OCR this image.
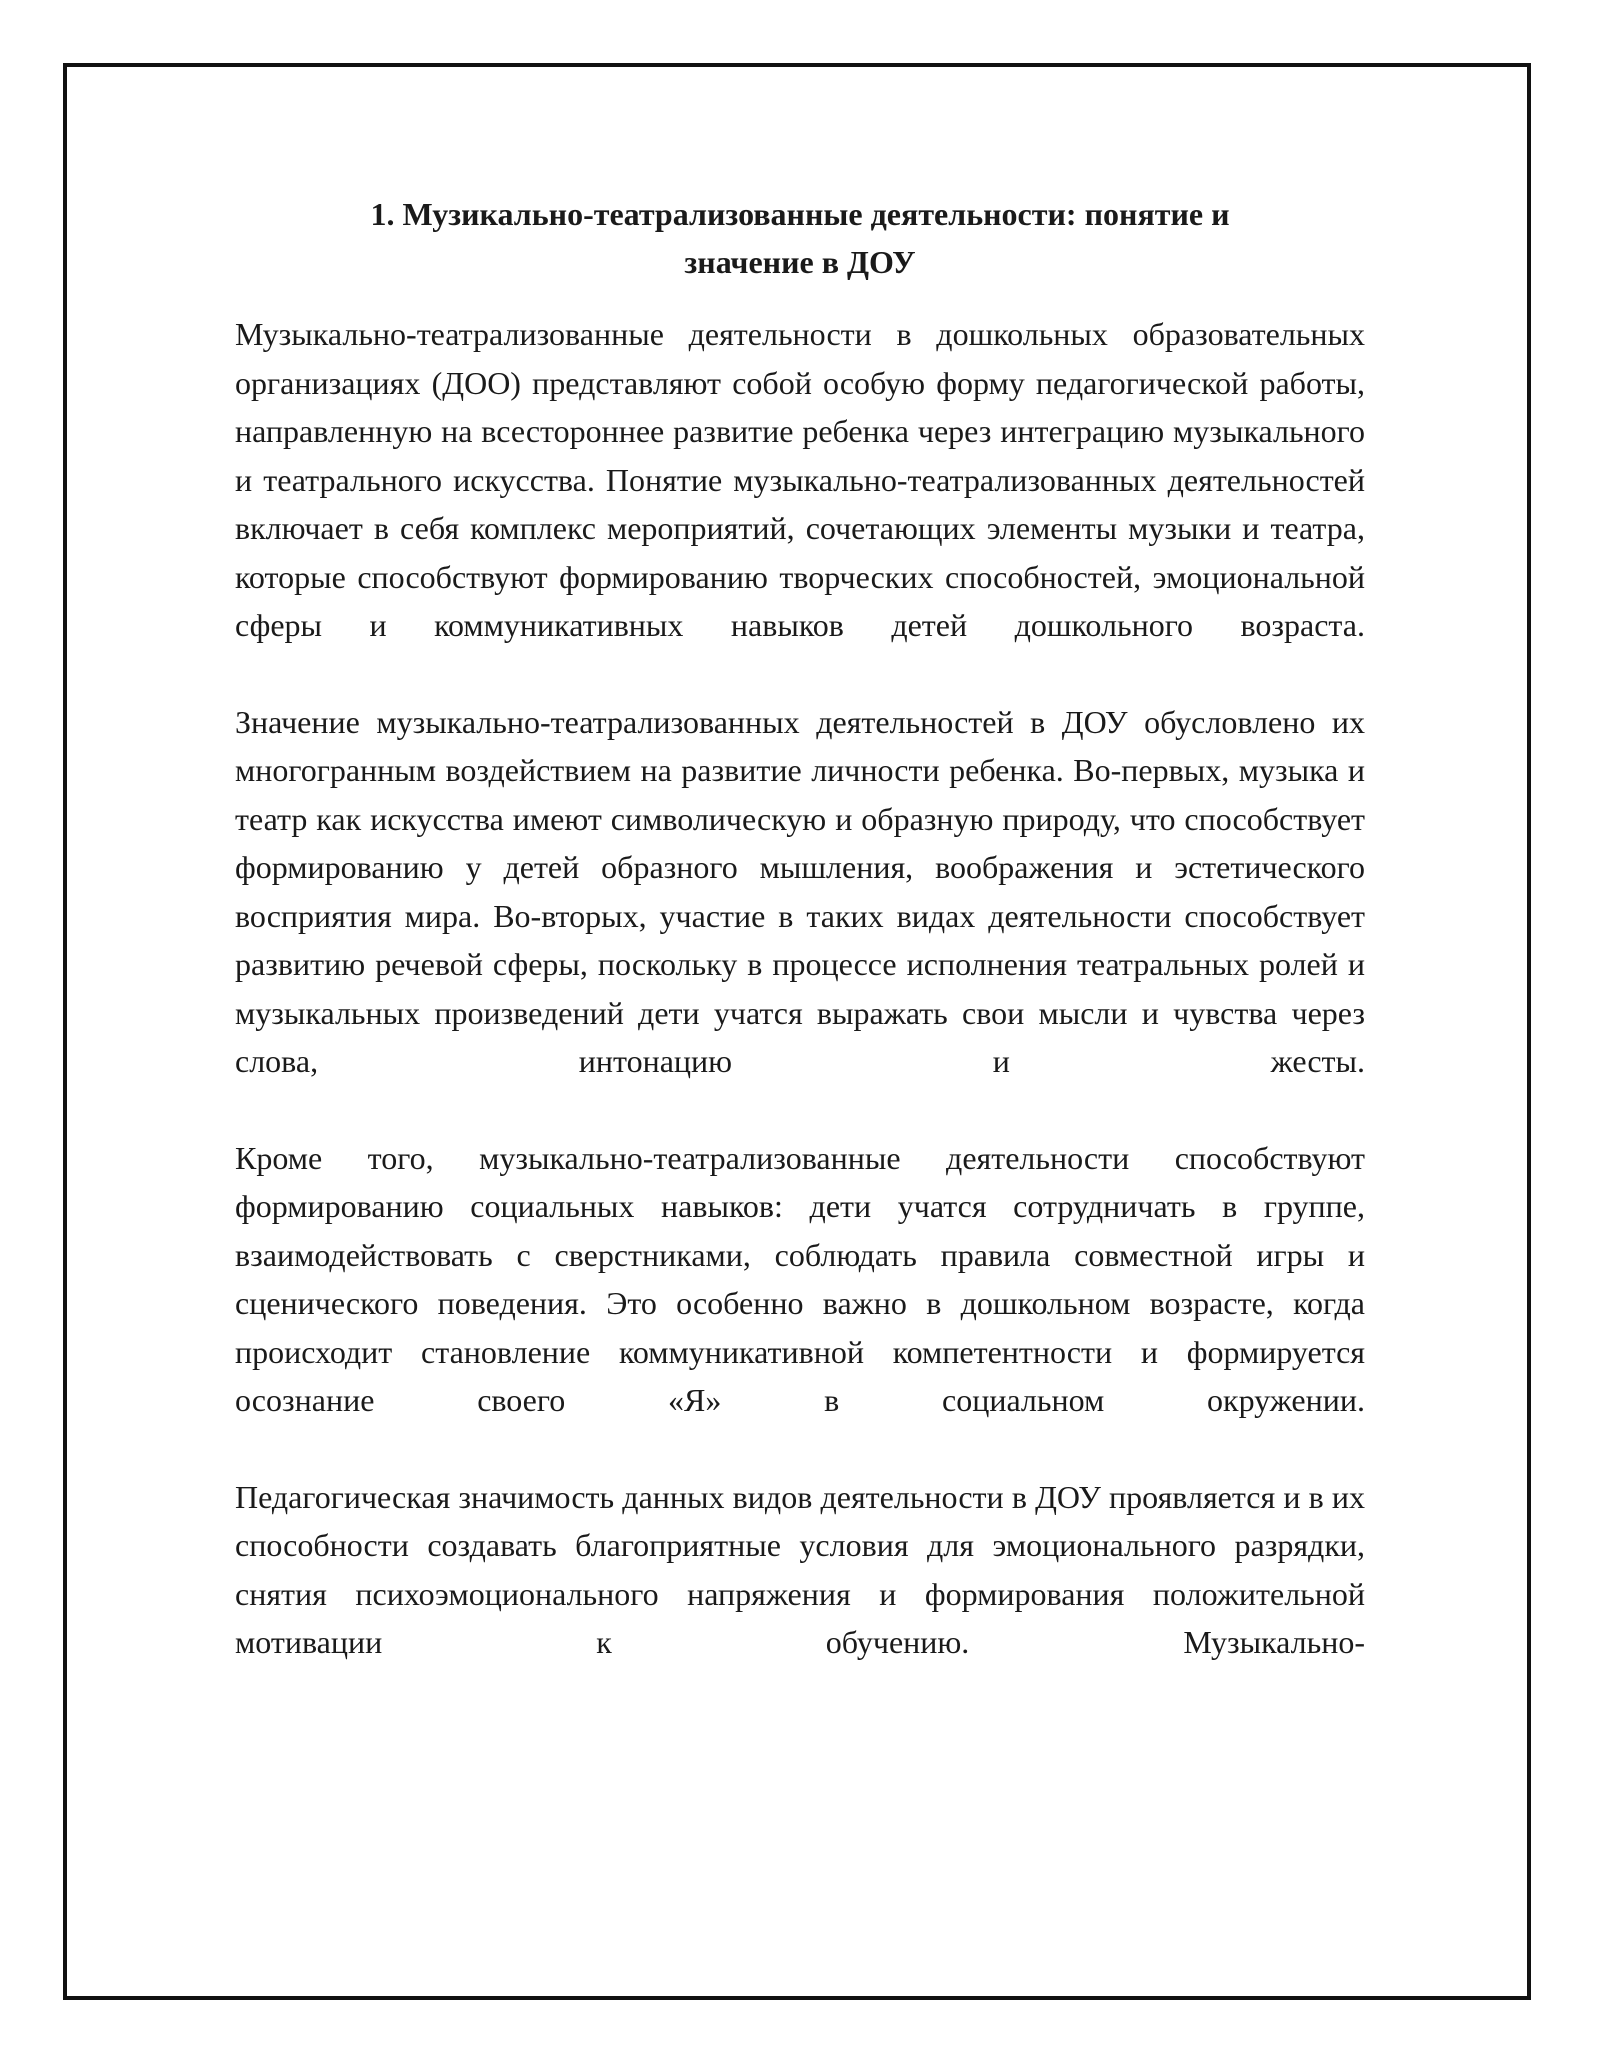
1. Музикально-театрализованные деятельности: понятие и
значение в ДОУ

Музыкально-театрализованные деятельности в дошкольных образовательных организациях (ДОО) представляют собой особую форму педагогической работы, направленную на всестороннее развитие ребенка через интеграцию музыкального и театрального искусства. Понятие музыкально-театрализованных деятельностей включает в себя комплекс мероприятий, сочетающих элементы музыки и театра, которые способствуют формированию творческих способностей, эмоциональной сферы и коммуникативных навыков детей дошкольного возраста.

Значение музыкально-театрализованных деятельностей в ДОУ обусловлено их многогранным воздействием на развитие личности ребенка. Во-первых, музыка и театр как искусства имеют символическую и образную природу, что способствует формированию у детей образного мышления, воображения и эстетического восприятия мира. Во-вторых, участие в таких видах деятельности способствует развитию речевой сферы, поскольку в процессе исполнения театральных ролей и музыкальных произведений дети учатся выражать свои мысли и чувства через слова, интонацию и жесты.

Кроме того, музыкально-театрализованные деятельности способствуют формированию социальных навыков: дети учатся сотрудничать в группе, взаимодействовать с сверстниками, соблюдать правила совместной игры и сценического поведения. Это особенно важно в дошкольном возрасте, когда происходит становление коммуникативной компетентности и формируется осознание своего «Я» в социальном окружении.

Педагогическая значимость данных видов деятельности в ДОУ проявляется и в их способности создавать благоприятные условия для эмоционального разрядки, снятия психоэмоционального напряжения и формирования положительной мотивации к обучению. Музыкально-
